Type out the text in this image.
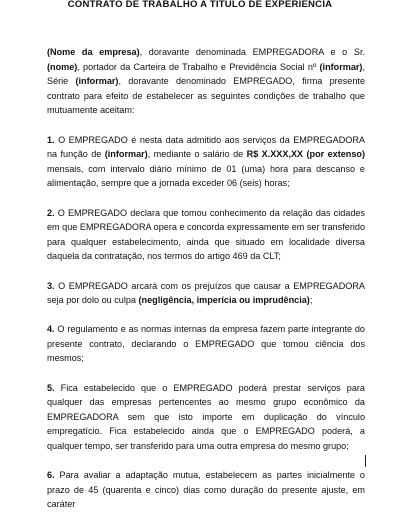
CONTRATO DE TRABALHO A TÍTULO DE EXPERIÊNCIA

(Nome da empresa), doravante denominada EMPREGADORA e o Sr. (nome), portador da Carteira de Trabalho e Previdência Social nº (informar), Série (informar), doravante denominado EMPREGADO, firma presente contrato para efeito de estabelecer as seguintes condições de trabalho que mutuamente aceitam:

1. O EMPREGADO é nesta data admitido aos serviços da EMPREGADORA na função de (informar), mediante o salário de R$ X.XXX,XX (por extenso) mensais, com intervalo diário mínimo de 01 (uma) hora para descanso e alimentação, sempre que a jornada exceder 06 (seis) horas;

2. O EMPREGADO declara que tomou conhecimento da relação das cidades em que EMPREGADORA opera e concorda expressamente em ser transferido para qualquer estabelecimento, ainda que situado em localidade diversa daquela da contratação, nos termos do artigo 469 da CLT;

3. O EMPREGADO arcará com os prejuízos que causar a EMPREGADORA seja por dolo ou culpa (negligência, imperícia ou imprudência);

4. O regulamento e as normas internas da empresa fazem parte integrante do presente contrato, declarando o EMPREGADO que tomou ciência dos mesmos;

5. Fica estabelecido que o EMPREGADO poderá prestar serviços para qualquer das empresas pertencentes ao mesmo grupo econômico da EMPREGADORA sem que isto importe em duplicação do vínculo empregatício. Fica estabelecido ainda que o EMPREGADO poderá, a qualquer tempo, ser transferido para uma outra empresa do mesmo grupo;

6. Para avaliar a adaptação mutua, estabelecem as partes inicialmente o prazo de 45 (quarenta e cinco) dias como duração do presente ajuste, em caráter
